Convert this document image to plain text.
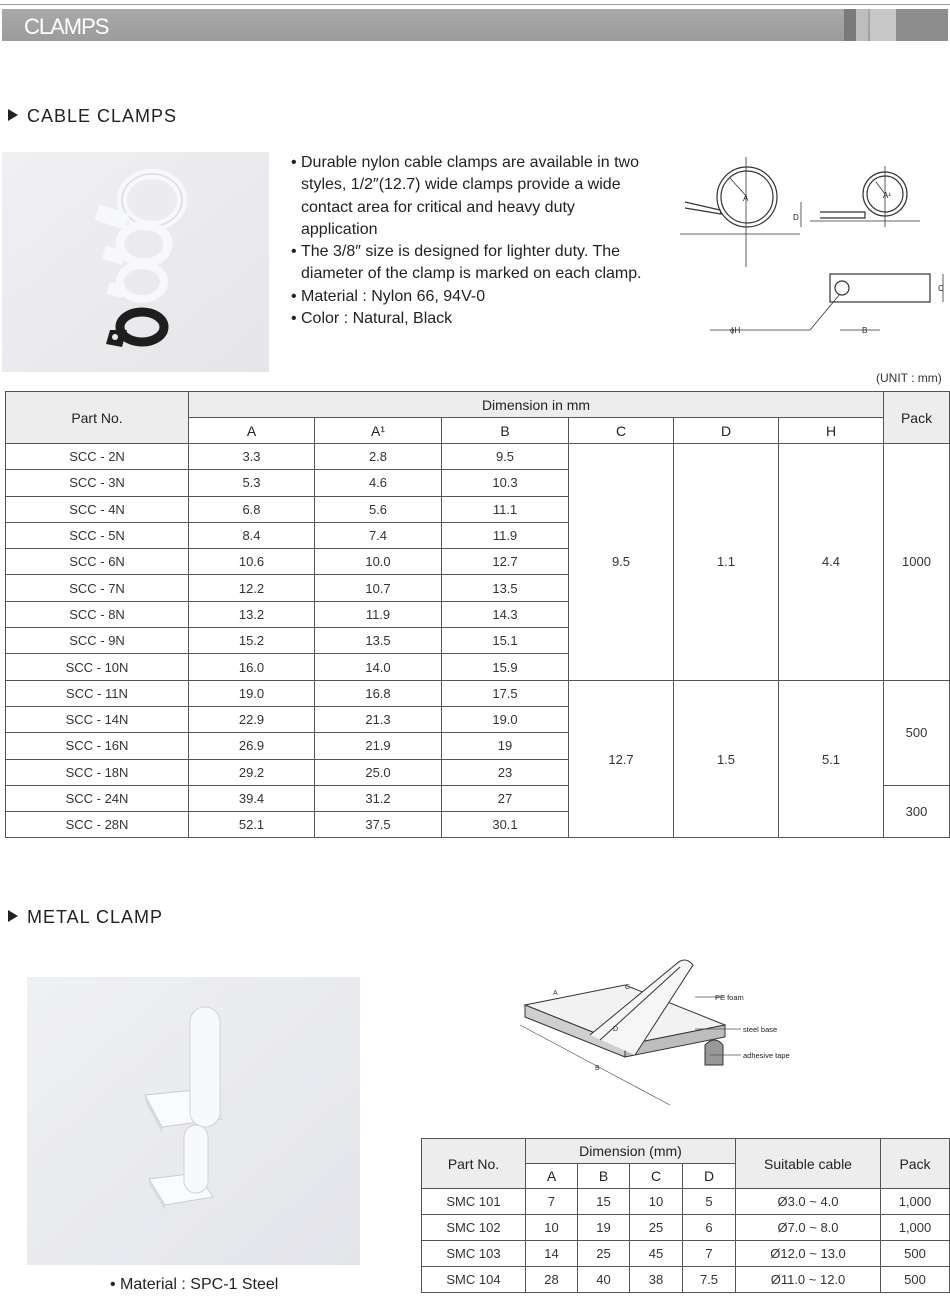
CLAMPS
CABLE CLAMPS
• Durable nylon cable clamps are available in two styles, 1/2″(12.7) wide clamps provide a wide contact area for critical and heavy duty application
• The 3/8″ size is designed for lighter duty. The diameter of the clamp is marked on each clamp.
• Material : Nylon 66, 94V-0
• Color : Natural, Black
A	A¹
D
C
ϕH	B
(UNIT : mm)
Part No.	Dimension in mm						Pack
	A	A¹	B	C	D	H	
SCC - 2N	3.3	2.8	9.5	9.5	1.1	4.4	1000
SCC - 3N	5.3	4.6	10.3				
SCC - 4N	6.8	5.6	11.1				
SCC - 5N	8.4	7.4	11.9				
SCC - 6N	10.6	10.0	12.7				
SCC - 7N	12.2	10.7	13.5				
SCC - 8N	13.2	11.9	14.3				
SCC - 9N	15.2	13.5	15.1				
SCC - 10N	16.0	14.0	15.9				
SCC - 11N	19.0	16.8	17.5	12.7	1.5	5.1	500
SCC - 14N	22.9	21.3	19.0				
SCC - 16N	26.9	21.9	19				
SCC - 18N	29.2	25.0	23				
SCC - 24N	39.4	31.2	27				300
SCC - 28N	52.1	37.5	30.1				
METAL CLAMP
• Material : SPC-1 Steel
PE foam
steel base
adhesive tape
A
B
C
D
Part No.	Dimension (mm)				Suitable cable	Pack
	A	B	C	D		
SMC 101	7	15	10	5	Ø3.0 ~ 4.0	1,000
SMC 102	10	19	25	6	Ø7.0 ~ 8.0	1,000
SMC 103	14	25	45	7	Ø12.0 ~ 13.0	500
SMC 104	28	40	38	7.5	Ø11.0 ~ 12.0	500
